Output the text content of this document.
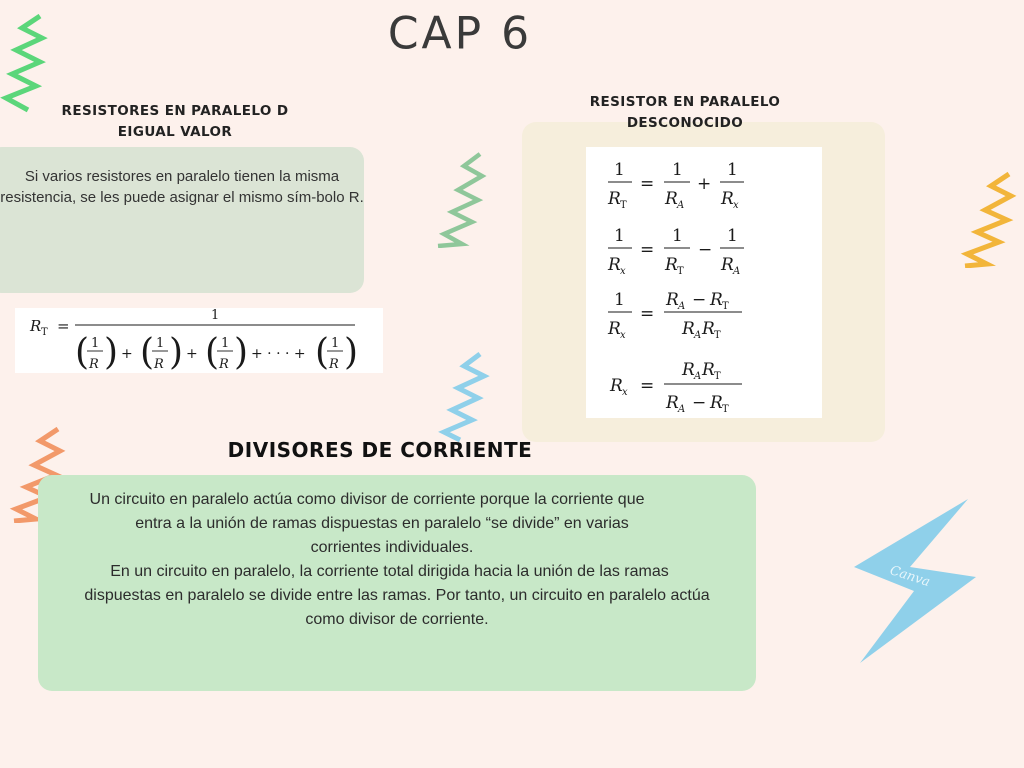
CAP 6
RESISTORES EN PARALELO D
EIGUAL VALOR
Si varios resistores en paralelo tienen la misma resistencia, se les puede asignar el mismo sím-bolo R.
R T =
1
( 1
R ) + ( 1
R ) + ( 1
R ) + · · · + ( 1
R )
RESISTOR EN PARALELO
DESCONOCIDO
1
R T
=
1
R A
+
1
R x
1
R x
=
1
R T
−
1
R A
1
R x
=
R A − R T
R A R T
R x =
R A R T
R A − R T
DIVISORES DE CORRIENTE

Un circuito en paralelo actúa como divisor de corriente porque la corriente que

entra a la unión de ramas dispuestas en paralelo “se divide” en varias

corrientes individuales.

En un circuito en paralelo, la corriente total dirigida hacia la unión de las ramas

dispuestas en paralelo se divide entre las ramas. Por tanto, un circuito en paralelo actúa

como divisor de corriente.

Canva
